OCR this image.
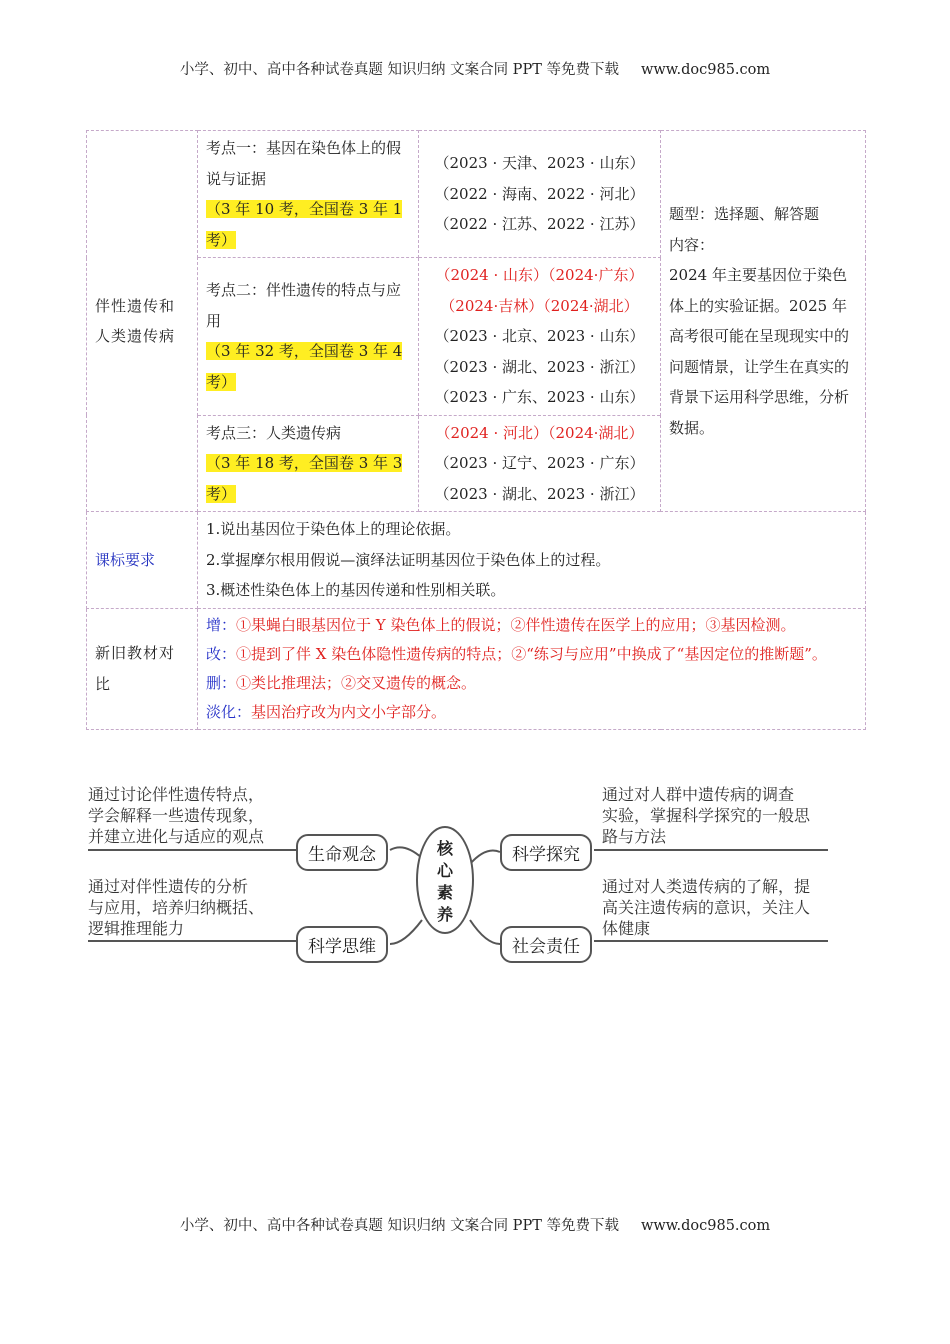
小学、初中、高中各种试卷真题 知识归纳 文案合同 PPT 等免费下载 www.doc985.com
伴性遗传和人类遗传病	考点一：基因在染色体上的假说与证据
（3 年 10 考，全国卷 3 年 1 考）	（2023 · 天津、2023 · 山东）
（2022 · 海南、2022 · 河北）
（2022 · 江苏、2022 · 江苏）	题型：选择题、解答题
内容：
2024 年主要基因位于染色体上的实验证据。2025 年高考很可能在呈现现实中的问题情景，让学生在真实的背景下运用科学思维，分析数据。
	考点二：伴性遗传的特点与应用
（3 年 32 考，全国卷 3 年 4 考）	（2024 · 山东）（2024·广东）
（2024·吉林）（2024·湖北）
（2023 · 北京、2023 · 山东）
（2023 · 湖北、2023 · 浙江）
（2023 · 广东、2023 · 山东）	

	考点三：人类遗传病
（3 年 18 考，全国卷 3 年 3 考）	（2024 · 河北）（2024·湖北）
（2023 · 辽宁、2023 · 广东）
（2023 · 湖北、2023 · 浙江）	

课标要求	1.说出基因位于染色体上的理论依据。
2.掌握摩尔根用假说—演绎法证明基因位于染色体上的过程。
3.概述性染色体上的基因传递和性别相关联。		

新旧教材对比	增：①果蝇白眼基因位于 Y 染色体上的假说；②伴性遗传在医学上的应用；③基因检测。
改：①提到了伴 X 染色体隐性遗传病的特点；②“练习与应用”中换成了“基因定位的推断题”。
删：①类比推理法；②交叉遗传的概念。
淡化：基因治疗改为内文小字部分。		
通过讨论伴性遗传特点，
学会解释一些遗传现象，
并建立进化与适应的观点
生命观念
通过对伴性遗传的分析
与应用，培养归纳概括、
逻辑推理能力
科学思维
核
心
素
养
科学探究
通过对人群中遗传病的调查
实验，掌握科学探究的一般思
路与方法
社会责任
通过对人类遗传病的了解，提
高关注遗传病的意识，关注人
体健康
小学、初中、高中各种试卷真题 知识归纳 文案合同 PPT 等免费下载 www.doc985.com
